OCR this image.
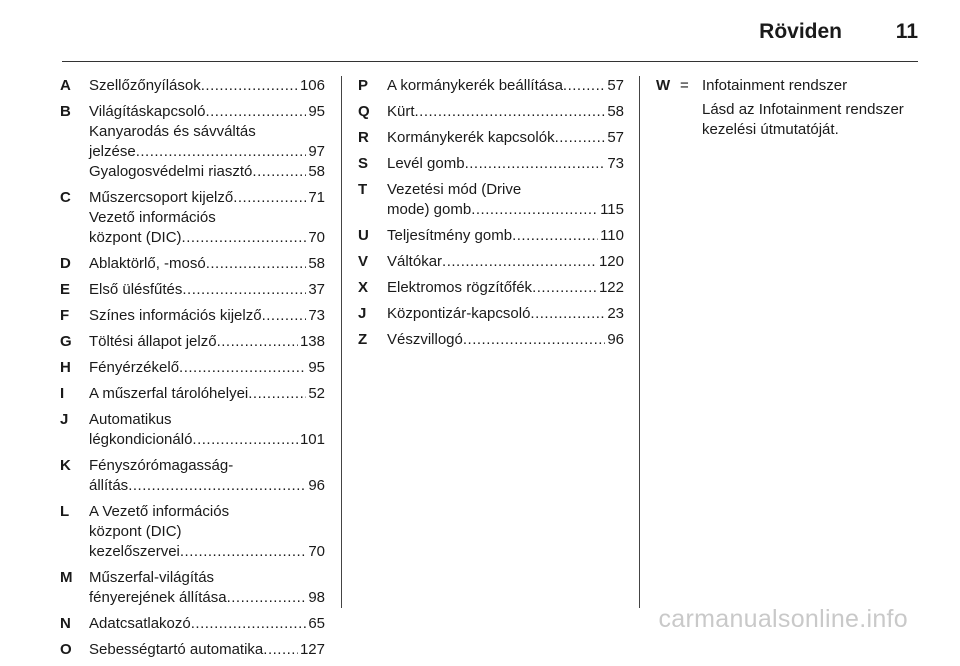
Röviden	11
A	Szellőzőnyílások .....	106
B	Világításkapcsoló .....	95
Kanyarodás és sávváltás
jelzése .....	97
Gyalogosvédelmi riasztó .....	58
C	Műszercsoport kijelző .....	71
Vezető információs
központ (DIC) .....	70
D	Ablaktörlő, -mosó .....	58
E	Első ülésfűtés .....	37
F	Színes információs kijelző .....	73
G	Töltési állapot jelző .....	138
H	Fényérzékelő .....	95
I	A műszerfal tárolóhelyei .....	52
J	Automatikus
légkondicionáló .....	101
K	Fényszórómagasság-
állítás .....	96
L	A Vezető információs
központ (DIC)
kezelőszervei .....	70
M	Műszerfal-világítás
fényerejének állítása .....	98
N	Adatcsatlakozó .....	65
O	Sebességtartó automatika ..... 127
P	A kormánykerék beállítása .....	57
Q	Kürt .....	58
R	Kormánykerék kapcsolók .....	57
S	Levél gomb .....	73
T	Vezetési mód (Drive
mode) gomb .....	115
U	Teljesítmény gomb .....	110
V	Váltókar .....	120
X	Elektromos rögzítőfék .....	122
J	Központizár-kapcsoló .....	23
Z	Vészvillogó .....	96
W = Infotainment rendszer
Lásd az Infotainment rendszer
kezelési útmutatóját.
carmanualsonline.info
